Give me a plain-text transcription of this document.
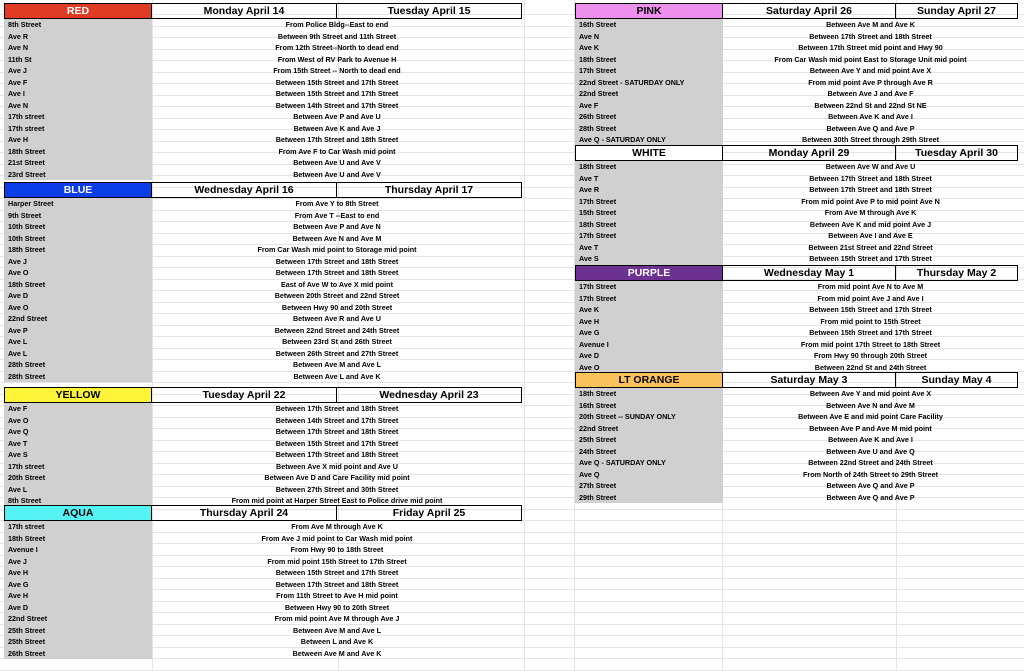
RED	Monday April 14	Tuesday April 15
8th Street	From Police Bldg--East to end
Ave R	Between 9th Street and 11th Street
Ave N	From 12th Street--North to dead end
11th St	From West of RV Park to Avenue H
Ave J	From 15th Street -- North to dead end
Ave F	Between 15th Street and 17th Street
Ave I	Between 15th Street and 17th Street
Ave N	Between 14th Street and 17th Street
17th street	Between Ave P and Ave U
17th street	Between Ave K and Ave J
Ave H	Between 17th Street and 18th Street
18th Street	From Ave F to Car Wash mid point
21st Street	Between Ave U and Ave V
23rd Street	Between Ave U and Ave V
BLUE	Wednesday April 16	Thursday April 17
Harper Street	From Ave Y to 8th Street
9th Street	From Ave T --East to end
10th Street	Between Ave P and Ave N
10th Street	Between Ave N and Ave M
18th Street	From Car Wash mid point to Storage mid point
Ave J	Between 17th Street and 18th Street
Ave O	Between 17th Street and 18th Street
18th Street	East of Ave W to Ave X mid point
Ave D	Between 20th Street and 22nd Street
Ave O	Between Hwy 90 and 20th Street
22nd Street	Between Ave R and Ave U
Ave P	Between 22nd Street and 24th Street
Ave L	Between 23rd St and 26th Street
Ave L	Between 26th Street and 27th Street
28th Street	Between Ave M and Ave L
28th Street	Between Ave L and Ave K
YELLOW	Tuesday April 22	Wednesday April 23
Ave F	Between 17th Street and 18th Street
Ave O	Between 14th Street and 17th Street
Ave Q	Between 17th Street and 18th Street
Ave T	Between 15th Street and 17th Street
Ave S	Between 17th Street and 18th Street
17th street	Between Ave X mid point and Ave U
20th Street	Between Ave D and Care Facility mid point
Ave L	Between 27th Street and 30th Street
8th Street	From mid point at Harper Street East to Police drive mid point
AQUA	Thursday April 24	Friday April 25
17th street	From Ave M through Ave K
18th Street	From Ave J mid point to Car Wash mid point
Avenue I	From Hwy 90 to 18th Street
Ave J	From mid point 15th Street to 17th Street
Ave H	Between 15th Street and 17th Street
Ave G	Between 17th Street and 18th Street
Ave H	From 11th Street to Ave H mid point
Ave D	Between Hwy 90 to 20th Street
22nd Street	From mid point Ave M through Ave J
25th Street	Between Ave M and Ave L
25th Street	Between L and Ave K
26th Street	Between Ave M and Ave K
PINK	Saturday April 26	Sunday April 27
16th Street	Between Ave M and Ave K
Ave N	Between 17th Street and 18th Street
Ave K	Between 17th Street mid point and Hwy 90
18th Street	From Car Wash mid point East to Storage Unit mid point
17th Street	Between Ave Y and mid point Ave X
22nd Street - SATURDAY ONLY	From mid point Ave P through Ave R
22nd Street	Between Ave J and Ave F
Ave F	Between 22nd St and 22nd St NE
26th Street	Between Ave K and Ave I
28th Street	Between Ave Q and Ave P
Ave Q - SATURDAY ONLY	Between 30th Street through 29th Street
WHITE	Monday April 29	Tuesday April 30
18th Street	Between Ave W and Ave U
Ave T	Between 17th Street and 18th Street
Ave R	Between 17th Street and 18th Street
17th Street	From mid point Ave P to mid point Ave N
15th Street	From Ave M through Ave K
18th Street	Between Ave K and mid point Ave J
17th Street	Between Ave I and Ave E
Ave T	Between 21st Street and 22nd Street
Ave S	Between 15th Street and 17th Street
PURPLE	Wednesday May 1	Thursday May 2
17th Street	From mid point Ave N to Ave M
17th Street	From mid point Ave J and Ave I
Ave K	Between 15th Street and 17th Street
Ave H	From mid point to 15th Street
Ave G	Between 15th Street and 17th Street
Avenue I	From mid point 17th Street to 18th Street
Ave D	From Hwy 90 through 20th Street
Ave O	Between 22nd St and 24th Street
LT ORANGE	Saturday May 3	Sunday May 4
18th Street	Between Ave Y and mid point Ave X
16th Street	Between Ave N and Ave M
20th Street -- SUNDAY ONLY	Between Ave E and mid point Care Facility
22nd Street	Between Ave P and Ave M mid point
25th Street	Between Ave K and Ave I
24th Street	Between Ave U and Ave Q
Ave Q - SATURDAY ONLY	Between 22nd Street and 24th Street
Ave Q	From North of 24th Street to 29th Street
27th Street	Between Ave Q and Ave P
29th Street	Between Ave Q and Ave P
